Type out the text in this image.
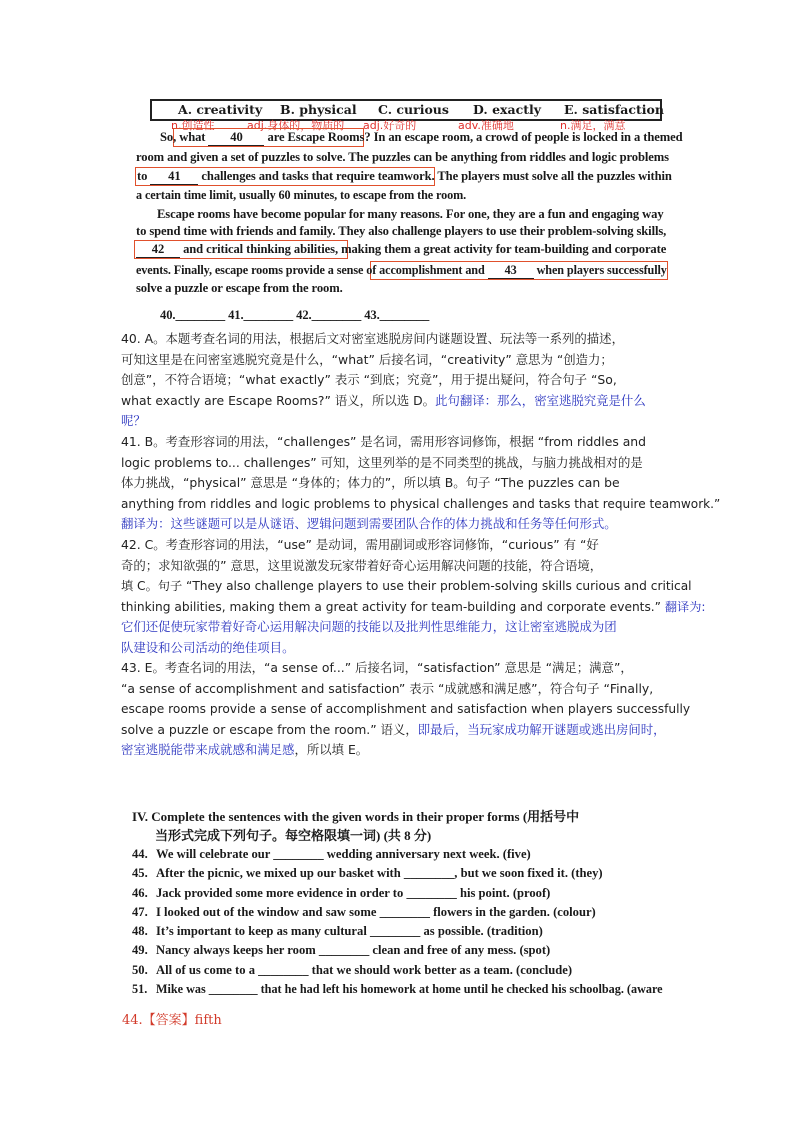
A. creativity B. physical C. curious D. exactly E. satisfaction
n.创造性	adj.身体的，物质的 adj.好奇的	adv.准确地	n.满足，满意
So, what 40 are Escape Rooms? In an escape room, a crowd of people is locked in a themed
room and given a set of puzzles to solve. The puzzles can be anything from riddles and logic problems
to 41 challenges and tasks that require teamwork. The players must solve all the puzzles within
a certain time limit, usually 60 minutes, to escape from the room.
Escape rooms have become popular for many reasons. For one, they are a fun and engaging way
to spend time with friends and family. They also challenge players to use their problem-solving skills,
42 and critical thinking abilities, making them a great activity for team-building and corporate
events. Finally, escape rooms provide a sense of accomplishment and 43 when players successfully
solve a puzzle or escape from the room.
40.________ 41.________ 42.________ 43.________
40. A。本题考查名词的用法，根据后文对密室逃脱房间内谜题设置、玩法等一系列的描述，
可知这里是在问密室逃脱究竟是什么，“what” 后接名词，“creativity” 意思为 “创造力；
创意”，不符合语境；“what exactly” 表示 “到底；究竟”，用于提出疑问，符合句子 “So,
what exactly are Escape Rooms?” 语义，所以选 D。此句翻译：那么，密室逃脱究竟是什么
呢？
41. B。考查形容词的用法，“challenges” 是名词，需用形容词修饰，根据 “from riddles and
logic problems to... challenges” 可知，这里列举的是不同类型的挑战，与脑力挑战相对的是
体力挑战，“physical” 意思是 “身体的；体力的”，所以填 B。句子 “The puzzles can be
anything from riddles and logic problems to physical challenges and tasks that require teamwork.”
翻译为：这些谜题可以是从谜语、逻辑问题到需要团队合作的体力挑战和任务等任何形式。
42. C。考查形容词的用法，“use” 是动词，需用副词或形容词修饰，“curious” 有 “好
奇的；求知欲强的” 意思，这里说激发玩家带着好奇心运用解决问题的技能，符合语境，
填 C。句子 “They also challenge players to use their problem-solving skills curious and critical
thinking abilities, making them a great activity for team-building and corporate events.” 翻译为:
它们还促使玩家带着好奇心运用解决问题的技能以及批判性思维能力，这让密室逃脱成为团
队建设和公司活动的绝佳项目。
43. E。考查名词的用法，“a sense of...” 后接名词，“satisfaction” 意思是 “满足；满意”，
“a sense of accomplishment and satisfaction” 表示 “成就感和满足感”，符合句子 “Finally,
escape rooms provide a sense of accomplishment and satisfaction when players successfully
solve a puzzle or escape from the room.” 语义，即最后，当玩家成功解开谜题或逃出房间时，
密室逃脱能带来成就感和满足感，所以填 E。
IV. Complete the sentences with the given words in their proper forms (用括号中
当形式完成下列句子。每空格限填一词) (共 8 分)
44. We will celebrate our ________ wedding anniversary next week. (five)
45. After the picnic, we mixed up our basket with ________, but we soon fixed it. (they)
46. Jack provided some more evidence in order to ________ his point. (proof)
47. I looked out of the window and saw some ________ flowers in the garden. (colour)
48. It’s important to keep as many cultural ________ as possible. (tradition)
49. Nancy always keeps her room ________ clean and free of any mess. (spot)
50. All of us come to a ________ that we should work better as a team. (conclude)
51. Mike was ________ that he had left his homework at home until he checked his schoolbag. (aware
44.【答案】fifth
